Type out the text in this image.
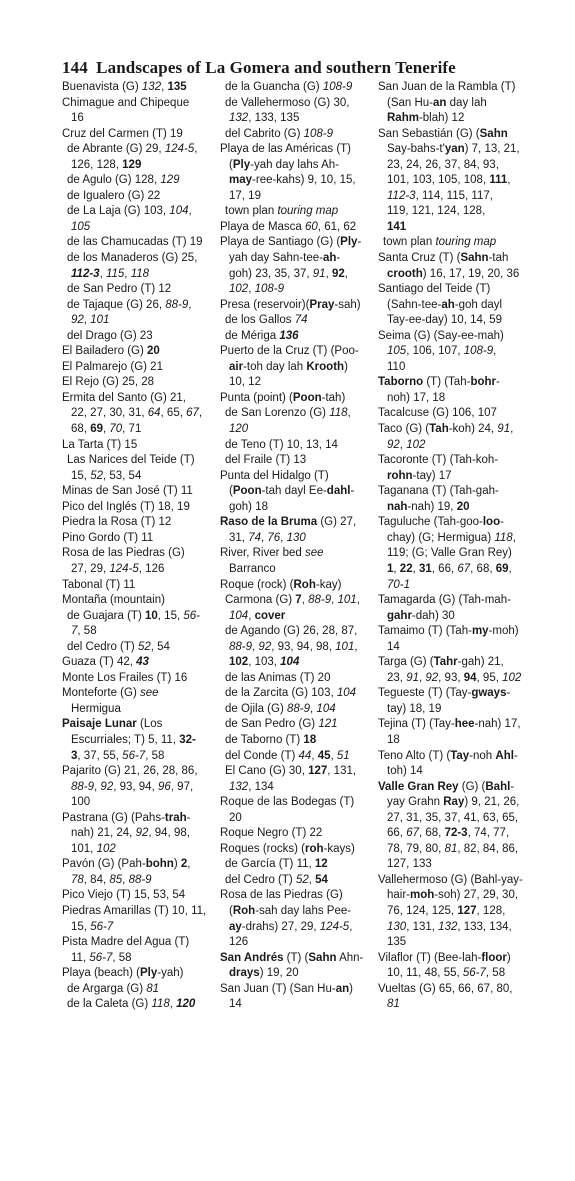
144 Landscapes of La Gomera and southern Tenerife
Buenavista (G) 132, 135
Chimague and Chipeque
16
Cruz del Carmen (T) 19
de Abrante (G) 29, 124-5,
126, 128, 129
de Agulo (G) 128, 129
de Igualero (G) 22
de La Laja (G) 103, 104,
105
de las Chamucadas (T) 19
de los Manaderos (G) 25,
112-3, 115, 118
de San Pedro (T) 12
de Tajaque (G) 26, 88-9,
92, 101
del Drago (G) 23
El Bailadero (G) 20
El Palmarejo (G) 21
El Rejo (G) 25, 28
Ermita del Santo (G) 21,
22, 27, 30, 31, 64, 65, 67,
68, 69, 70, 71
La Tarta (T) 15
Las Narices del Teide (T)
15, 52, 53, 54
Minas de San José (T) 11
Pico del Inglés (T) 18, 19
Piedra la Rosa (T) 12
Pino Gordo (T) 11
Rosa de las Piedras (G)
27, 29, 124-5, 126
Tabonal (T) 11
Montaña (mountain)
de Guajara (T) 10, 15, 56-
7, 58
del Cedro (T) 52, 54
Guaza (T) 42, 43
Monte Los Frailes (T) 16
Monteforte (G) see
Hermigua
Paisaje Lunar (Los
Escurriales; T) 5, 11, 32-
3, 37, 55, 56-7, 58
Pajarito (G) 21, 26, 28, 86,
88-9, 92, 93, 94, 96, 97,
100
Pastrana (G) (Pahs-trah-
nah) 21, 24, 92, 94, 98,
101, 102
Pavón (G) (Pah-bohn) 2,
78, 84, 85, 88-9
Pico Viejo (T) 15, 53, 54
Piedras Amarillas (T) 10, 11,
15, 56-7
Pista Madre del Agua (T)
11, 56-7, 58
Playa (beach) (Ply-yah)
de Argarga (G) 81
de la Caleta (G) 118, 120
de la Guancha (G) 108-9
de Vallehermoso (G) 30,
132, 133, 135
del Cabrito (G) 108-9
Playa de las Américas (T)
(Ply-yah day lahs Ah-
may-ree-kahs) 9, 10, 15,
17, 19
town plan touring map
Playa de Masca 60, 61, 62
Playa de Santiago (G) (Ply-
yah day Sahn-tee-ah-
goh) 23, 35, 37, 91, 92,
102, 108-9
Presa (reservoir)(Pray-sah)
de los Gallos 74
de Mériga 136
Puerto de la Cruz (T) (Poo-
air-toh day lah Krooth)
10, 12
Punta (point) (Poon-tah)
de San Lorenzo (G) 118,
120
de Teno (T) 10, 13, 14
del Fraile (T) 13
Punta del Hidalgo (T)
(Poon-tah dayl Ee-dahl-
goh) 18
Raso de la Bruma (G) 27,
31, 74, 76, 130
River, River bed see
Barranco
Roque (rock) (Roh-kay)
Carmona (G) 7, 88-9, 101,
104, cover
de Agando (G) 26, 28, 87,
88-9, 92, 93, 94, 98, 101,
102, 103, 104
de las Animas (T) 20
de la Zarcita (G) 103, 104
de Ojila (G) 88-9, 104
de San Pedro (G) 121
de Taborno (T) 18
del Conde (T) 44, 45, 51
El Cano (G) 30, 127, 131,
132, 134
Roque de las Bodegas (T)
20
Roque Negro (T) 22
Roques (rocks) (roh-kays)
de García (T) 11, 12
del Cedro (T) 52, 54
Rosa de las Piedras (G)
(Roh-sah day lahs Pee-
ay-drahs) 27, 29, 124-5,
126
San Andrés (T) (Sahn Ahn-
drays) 19, 20
San Juan (T) (San Hu-an)
14
San Juan de la Rambla (T)
(San Hu-an day lah
Rahm-blah) 12
San Sebastián (G) (Sahn
Say-bahs-t'yan) 7, 13, 21,
23, 24, 26, 37, 84, 93,
101, 103, 105, 108, 111,
112-3, 114, 115, 117,
119, 121, 124, 128,
141
town plan touring map
Santa Cruz (T) (Sahn-tah
crooth) 16, 17, 19, 20, 36
Santiago del Teide (T)
(Sahn-tee-ah-goh dayl
Tay-ee-day) 10, 14, 59
Seima (G) (Say-ee-mah)
105, 106, 107, 108-9,
110
Taborno (T) (Tah-bohr-
noh) 17, 18
Tacalcuse (G) 106, 107
Taco (G) (Tah-koh) 24, 91,
92, 102
Tacoronte (T) (Tah-koh-
rohn-tay) 17
Taganana (T) (Tah-gah-
nah-nah) 19, 20
Taguluche (Tah-goo-loo-
chay) (G; Hermigua) 118,
119; (G; Valle Gran Rey)
1, 22, 31, 66, 67, 68, 69,
70-1
Tamagarda (G) (Tah-mah-
gahr-dah) 30
Tamaimo (T) (Tah-my-moh)
14
Targa (G) (Tahr-gah) 21,
23, 91, 92, 93, 94, 95, 102
Tegueste (T) (Tay-gways-
tay) 18, 19
Tejina (T) (Tay-hee-nah) 17,
18
Teno Alto (T) (Tay-noh Ahl-
toh) 14
Valle Gran Rey (G) (Bahl-
yay Grahn Ray) 9, 21, 26,
27, 31, 35, 37, 41, 63, 65,
66, 67, 68, 72-3, 74, 77,
78, 79, 80, 81, 82, 84, 86,
127, 133
Vallehermoso (G) (Bahl-yay-
hair-moh-soh) 27, 29, 30,
76, 124, 125, 127, 128,
130, 131, 132, 133, 134,
135
Vilaflor (T) (Bee-lah-floor)
10, 11, 48, 55, 56-7, 58
Vueltas (G) 65, 66, 67, 80,
81
